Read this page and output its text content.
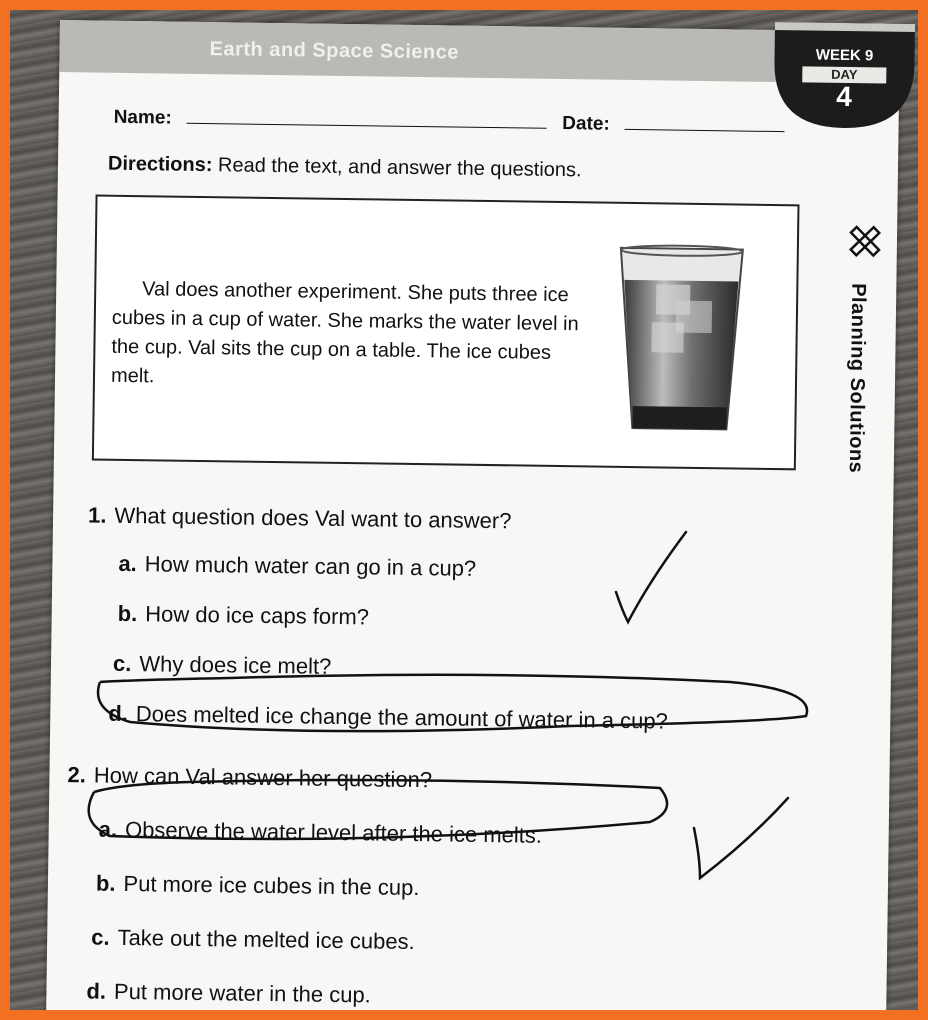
Earth and Space Science	WEEK 9
DAY
4
Name:	Date:
Directions: Read the text, and answer the questions.
Val does another experiment. She puts three ice cubes in a cup of water. She marks the water level in the cup. Val sits the cup on a table. The ice cubes melt.
1. What question does Val want to answer?
a. How much water can go in a cup?
b. How do ice caps form?
c. Why does ice melt?
d. Does melted ice change the amount of water in a cup?
2. How can Val answer her question?
a. Observe the water level after the ice melts.
b. Put more ice cubes in the cup.
c. Take out the melted ice cubes.
d. Put more water in the cup.
Planning Solutions
